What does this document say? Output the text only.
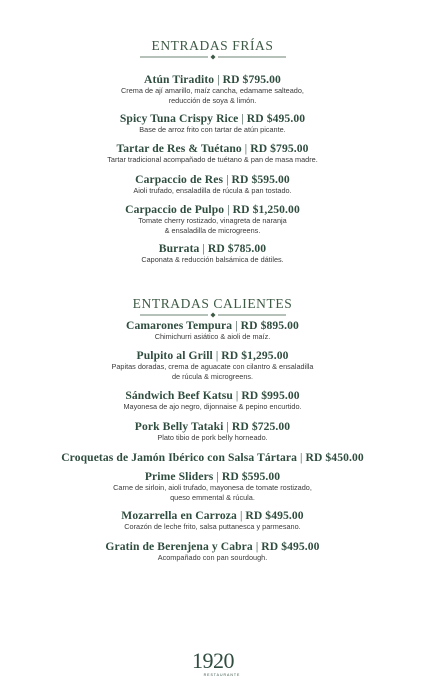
ENTRADAS FRÍAS
Atún Tiradito | RD $795.00
Crema de ají amarillo, maíz cancha, edamame salteado,
reducción de soya & limón.
Spicy Tuna Crispy Rice | RD $495.00
Base de arroz frito con tartar de atún picante.
Tartar de Res & Tuétano | RD $795.00
Tartar tradicional acompañado de tuétano & pan de masa madre.
Carpaccio de Res | RD $595.00
Aioli trufado, ensaladilla de rúcula & pan tostado.
Carpaccio de Pulpo | RD $1,250.00
Tomate cherry rostizado, vinagreta de naranja
& ensaladilla de microgreens.
Burrata | RD $785.00
Caponata & reducción balsámica de dátiles.
ENTRADAS CALIENTES
Camarones Tempura | RD $895.00
Chimichurri asiático & aioli de maíz.
Pulpito al Grill | RD $1,295.00
Papitas doradas, crema de aguacate con cilantro & ensaladilla
de rúcula & microgreens.
Sándwich Beef Katsu | RD $995.00
Mayonesa de ajo negro, dijonnaise & pepino encurtido.
Pork Belly Tataki | RD $725.00
Plato tibio de pork belly horneado.
Croquetas de Jamón Ibérico con Salsa Tártara | RD $450.00
Prime Sliders | RD $595.00
Carne de sirloin, aioli trufado, mayonesa de tomate rostizado,
queso emmental & rúcula.
Mozarrella en Carroza | RD $495.00
Corazón de leche frito, salsa puttanesca y parmesano.
Gratin de Berenjena y Cabra | RD $495.00
Acompañado con pan sourdough.
1920
RESTAURANTE
